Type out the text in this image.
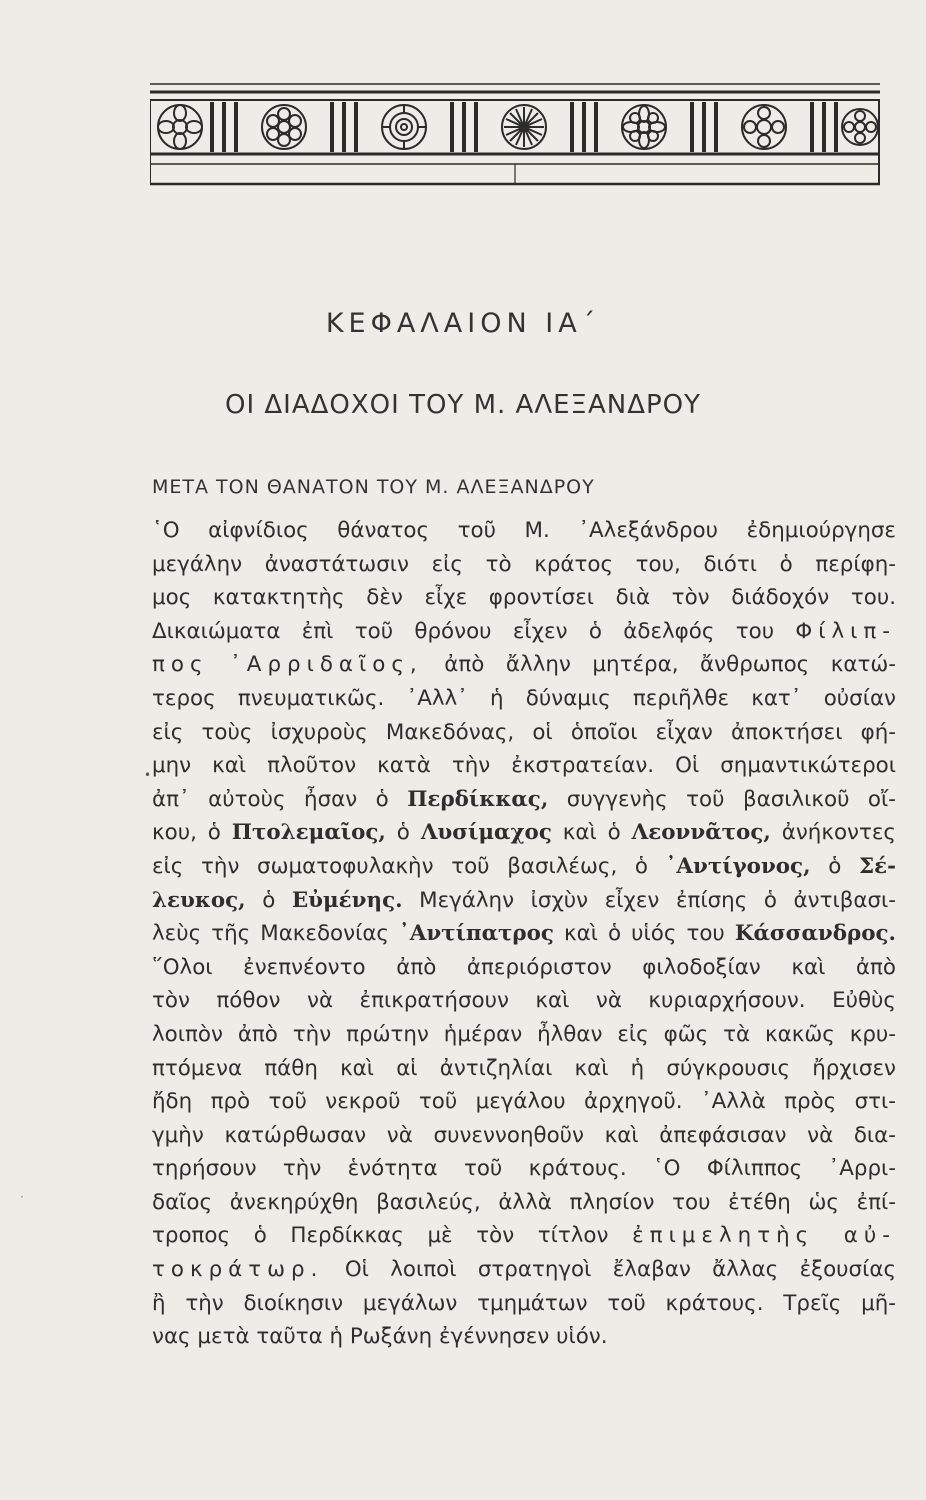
ΚΕΦΑΛΑΙΟΝ ΙΑ΄
ΟΙ ΔΙΑΔΟΧΟΙ ΤΟΥ Μ. ΑΛΕΞΑΝΔΡΟΥ
ΜΕΤΑ ΤΟΝ ΘΑΝΑΤΟΝ ΤΟΥ Μ. ΑΛΕΞΑΝΔΡΟΥ
•
·
῾Ο αἰφνίδιος θάνατος τοῦ Μ. ᾿Αλεξάνδρου ἐδημιούργησε
μεγάλην ἀναστάτωσιν εἰς τὸ κράτος του, διότι ὁ περίφη-
μος κατακτητὴς δὲν εἶχε φροντίσει διὰ τὸν διάδοχόν του.
Δικαιώματα ἐπὶ τοῦ θρόνου εἶχεν ὁ ἀδελφός του Φίλιπ-
πος ᾿Αρριδαῖος, ἀπὸ ἄλλην μητέρα, ἄνθρωπος κατώ-
τερος πνευματικῶς. ᾿Αλλ᾿ ἡ δύναμις περιῆλθε κατ᾿ οὐσίαν
εἰς τοὺς ἰσχυροὺς Μακεδόνας, οἱ ὁποῖοι εἶχαν ἀποκτήσει φή-
μην καὶ πλοῦτον κατὰ τὴν ἐκστρατείαν. Οἱ σημαντικώτεροι
ἀπ᾿ αὐτοὺς ἦσαν ὁ Περδίκκας, συγγενὴς τοῦ βασιλικοῦ οἴ-
κου, ὁ Πτολεμαῖος, ὁ Λυσίμαχος καὶ ὁ Λεοννᾶτος, ἀνήκοντες
εἰς τὴν σωματοφυλακὴν τοῦ βασιλέως, ὁ ᾿Αντίγονος, ὁ Σέ-
λευκος, ὁ Εὐμένης. Μεγάλην ἰσχὺν εἶχεν ἐπίσης ὁ ἀντιβασι-
λεὺς τῆς Μακεδονίας ᾿Αντίπατρος καὶ ὁ υἱός του Κάσσανδρος.
῞Ολοι ἐνεπνέοντο ἀπὸ ἀπεριόριστον φιλοδοξίαν καὶ ἀπὸ
τὸν πόθον νὰ ἐπικρατήσουν καὶ νὰ κυριαρχήσουν. Εὐθὺς
λοιπὸν ἀπὸ τὴν πρώτην ἡμέραν ἦλθαν εἰς φῶς τὰ κακῶς κρυ-
πτόμενα πάθη καὶ αἱ ἀντιζηλίαι καὶ ἡ σύγκρουσις ἤρχισεν
ἤδη πρὸ τοῦ νεκροῦ τοῦ μεγάλου ἀρχηγοῦ. ᾿Αλλὰ πρὸς στι-
γμὴν κατώρθωσαν νὰ συνεννοηθοῦν καὶ ἀπεφάσισαν νὰ δια-
τηρήσουν τὴν ἑνότητα τοῦ κράτους. ῾Ο Φίλιππος ᾿Αρρι-
δαῖος ἀνεκηρύχθη βασιλεύς, ἀλλὰ πλησίον του ἐτέθη ὡς ἐπί-
τροπος ὁ Περδίκκας μὲ τὸν τίτλον ἐπιμελητὴς αὐ-
τοκράτωρ. Οἱ λοιποὶ στρατηγοὶ ἔλαβαν ἄλλας ἐξουσίας
ἢ τὴν διοίκησιν μεγάλων τμημάτων τοῦ κράτους. Τρεῖς μῆ-
νας μετὰ ταῦτα ἡ Ρωξάνη ἐγέννησεν υἱόν.
